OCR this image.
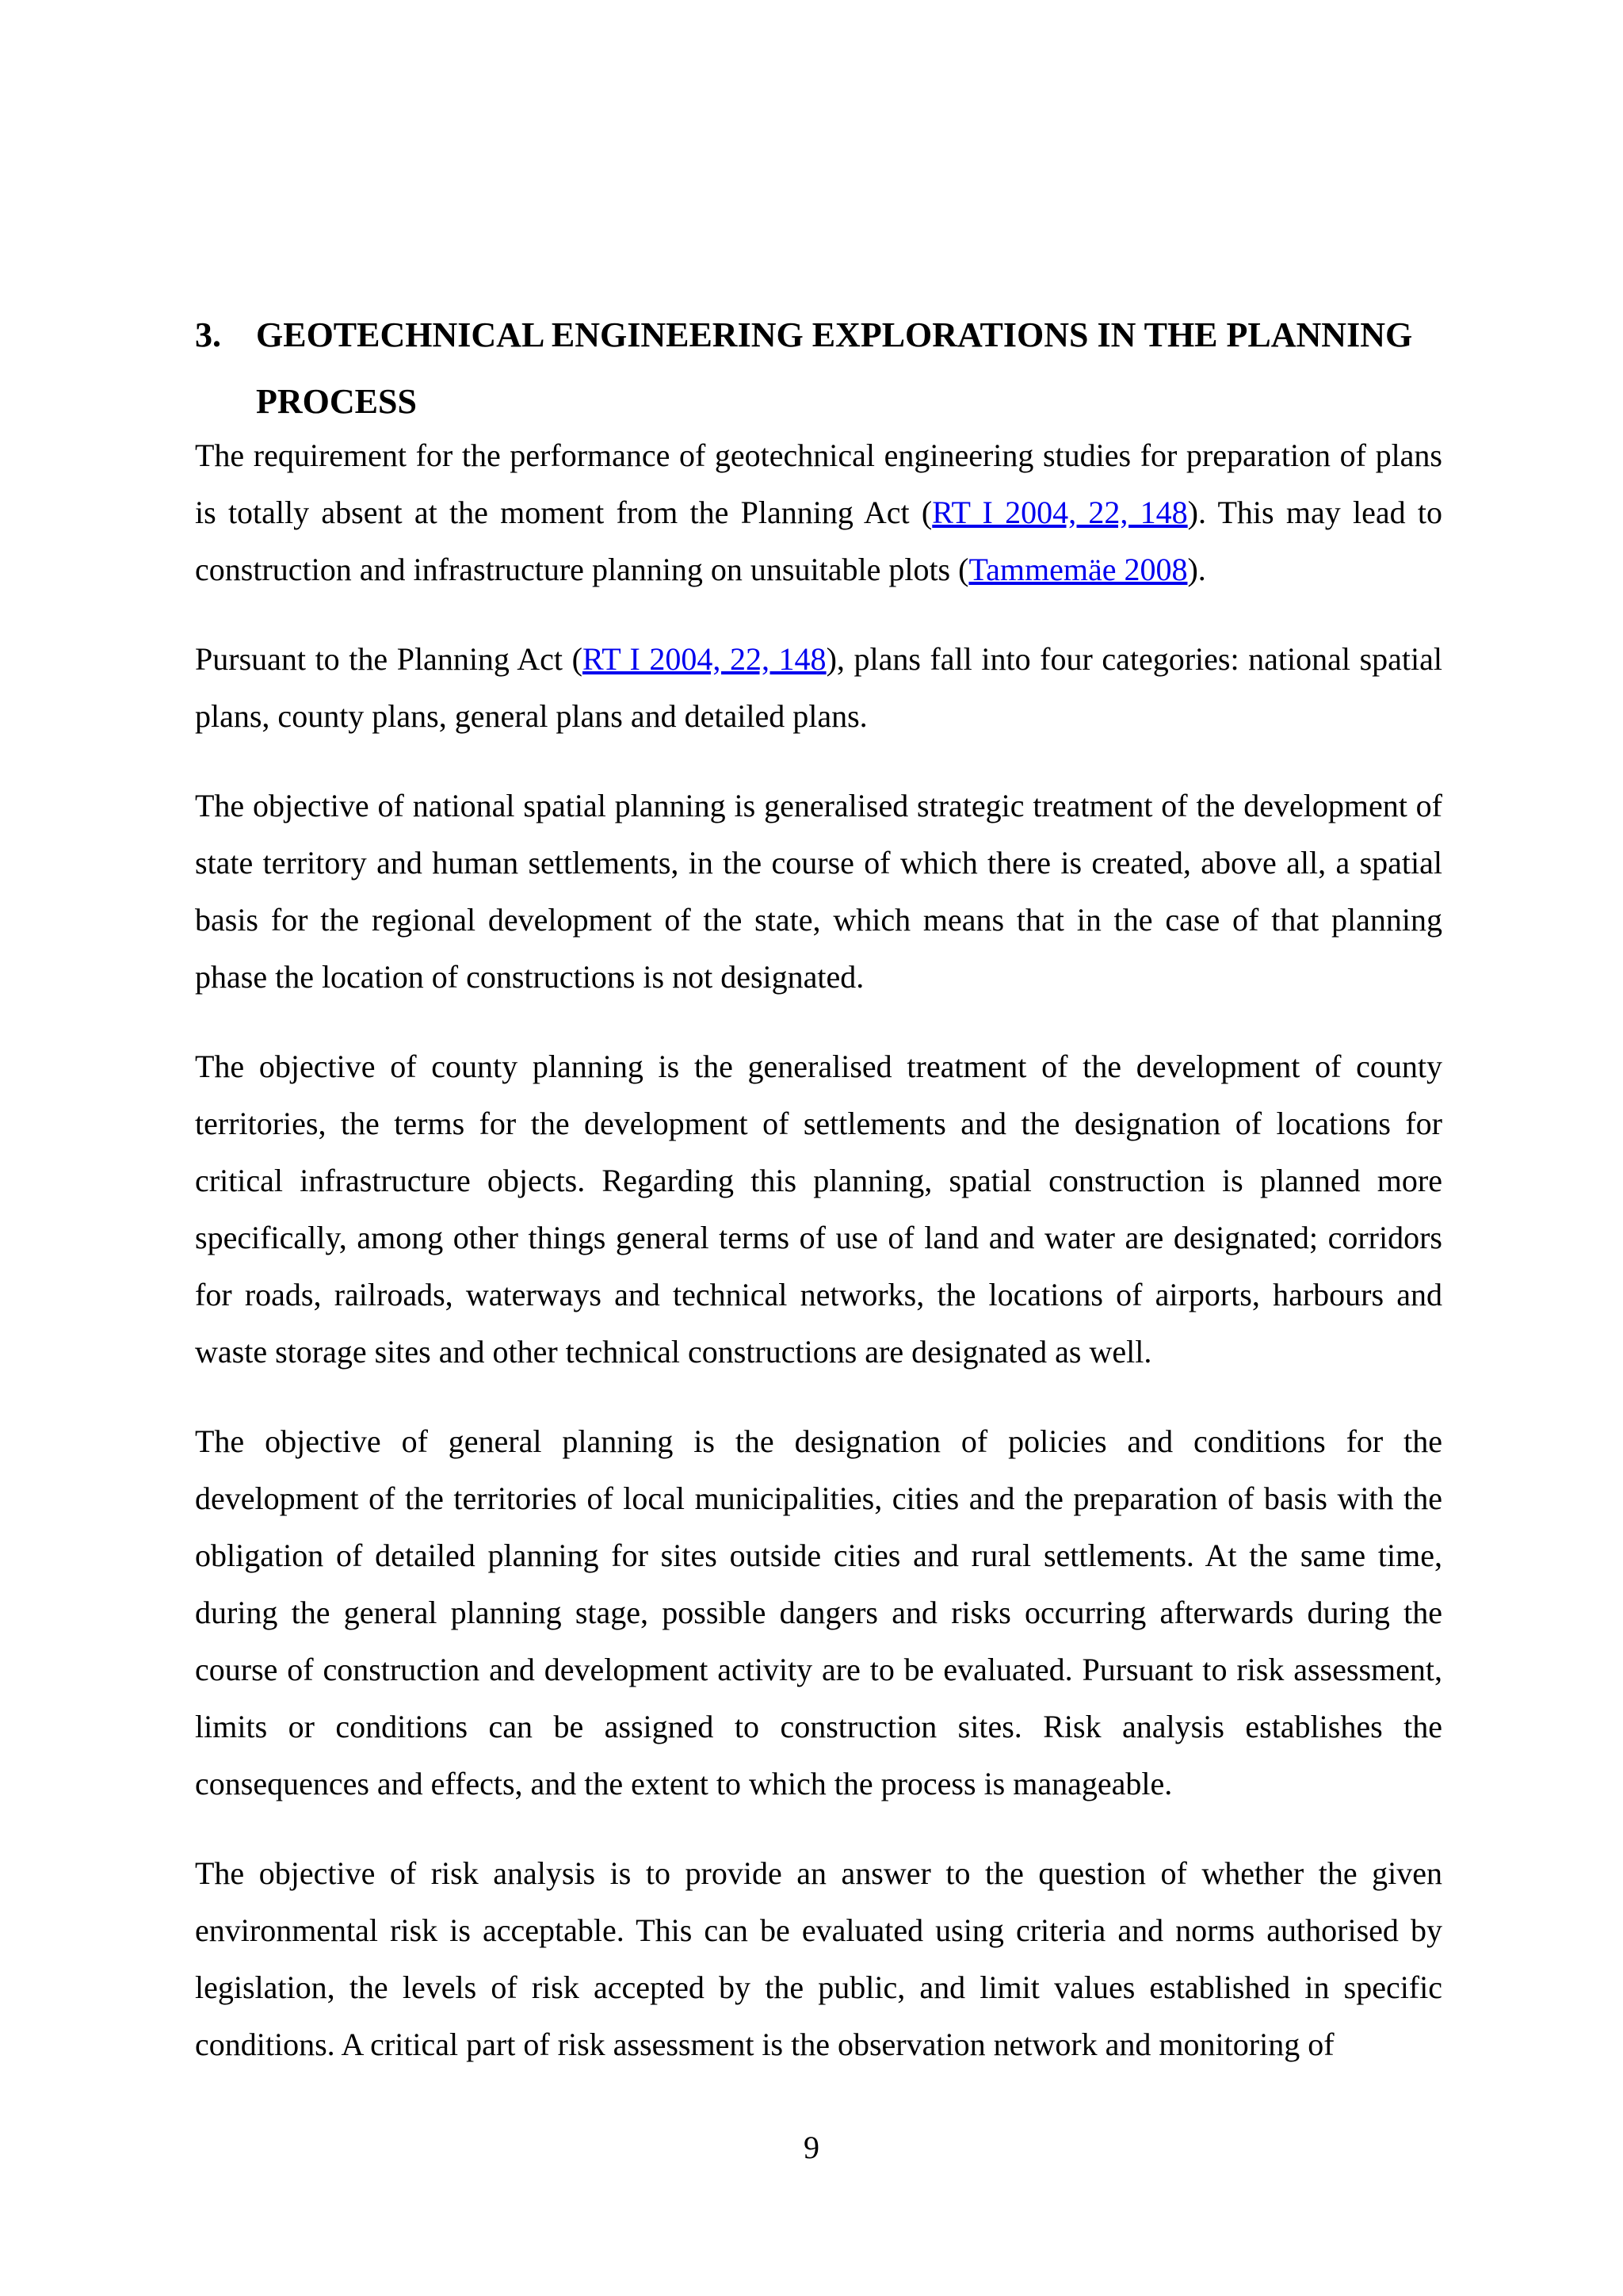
3. GEOTECHNICAL ENGINEERING EXPLORATIONS IN THE PLANNING PROCESS

The requirement for the performance of geotechnical engineering studies for preparation of plans is totally absent at the moment from the Planning Act (RT I 2004, 22, 148). This may lead to construction and infrastructure planning on unsuitable plots (Tammemäe 2008).

Pursuant to the Planning Act (RT I 2004, 22, 148), plans fall into four categories: national spatial plans, county plans, general plans and detailed plans.

The objective of national spatial planning is generalised strategic treatment of the development of state territory and human settlements, in the course of which there is created, above all, a spatial basis for the regional development of the state, which means that in the case of that planning phase the location of constructions is not designated.

The objective of county planning is the generalised treatment of the development of county territories, the terms for the development of settlements and the designation of locations for critical infrastructure objects. Regarding this planning, spatial construction is planned more specifically, among other things general terms of use of land and water are designated; corridors for roads, railroads, waterways and technical networks, the locations of airports, harbours and waste storage sites and other technical constructions are designated as well.

The objective of general planning is the designation of policies and conditions for the development of the territories of local municipalities, cities and the preparation of basis with the obligation of detailed planning for sites outside cities and rural settlements. At the same time, during the general planning stage, possible dangers and risks occurring afterwards during the course of construction and development activity are to be evaluated. Pursuant to risk assessment, limits or conditions can be assigned to construction sites. Risk analysis establishes the consequences and effects, and the extent to which the process is manageable.

The objective of risk analysis is to provide an answer to the question of whether the given environmental risk is acceptable. This can be evaluated using criteria and norms authorised by legislation, the levels of risk accepted by the public, and limit values established in specific conditions. A critical part of risk assessment is the observation network and monitoring of

9
